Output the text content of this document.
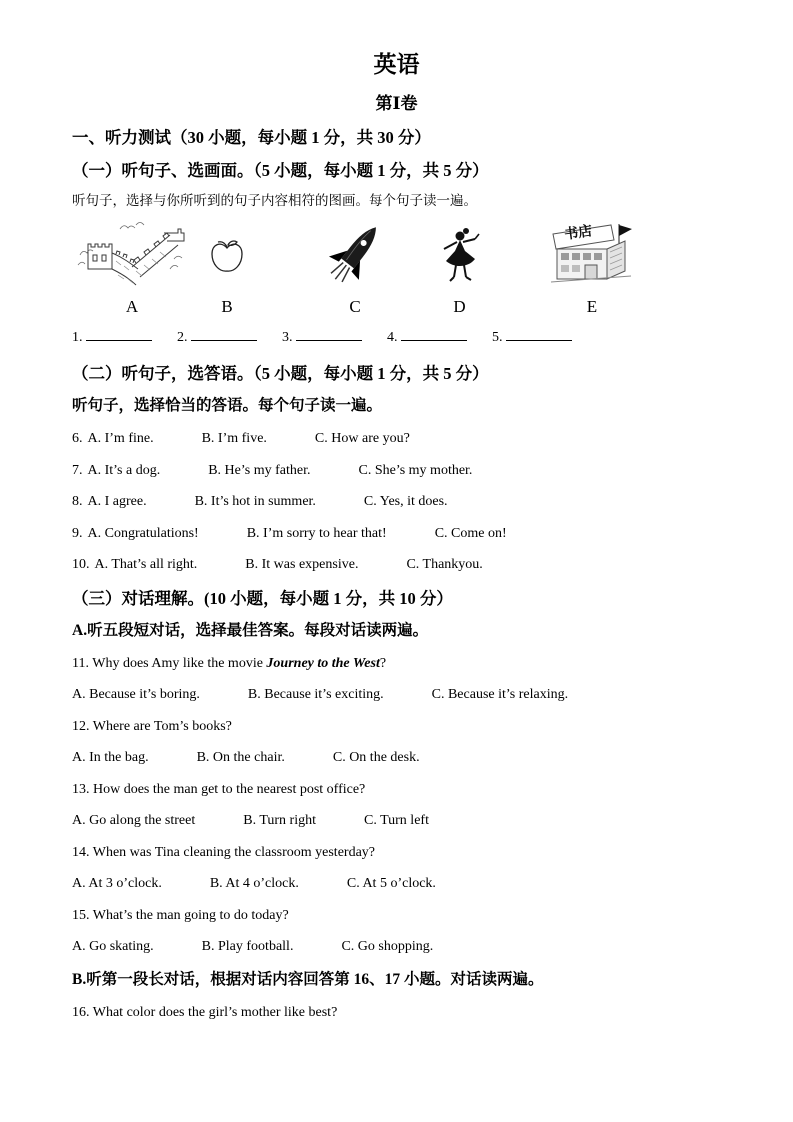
英语
第Ⅰ卷
一、听力测试（30 小题，每小题 1 分，共 30 分）
（一）听句子、选画面。（5 小题，每小题 1 分，共 5 分）
听句子，选择与你所听到的句子内容相符的图画。每个句子读一遍。
A	B	C	D
书店
E
1.	2.	3.	4.	5.
（二）听句子，选答语。（5 小题，每小题 1 分，共 5 分）
听句子，选择恰当的答语。每个句子读一遍。

6. A. I’m fine.	B. I’m five.	C. How are you?

7. A. It’s a dog.	B. He’s my father.	C. She’s my mother.

8. A. I agree.	B. It’s hot in summer.	C. Yes, it does.

9. A. Congratulations!	B. I’m sorry to hear that!	C. Come on!

10. A. That’s all right.	B. It was expensive.	C. Thankyou.

（三）对话理解。(10 小题，每小题 1 分，共 10 分）
A.听五段短对话，选择最佳答案。每段对话读两遍。

11. Why does Amy like the movie Journey to the West?

A. Because it’s boring.	B. Because it’s exciting.	C. Because it’s relaxing.

12. Where are Tom’s books?

A. In the bag.	B. On the chair.	C. On the desk.

13. How does the man get to the nearest post office?

A. Go along the street	B. Turn right	C. Turn left

14. When was Tina cleaning the classroom yesterday?

A. At 3 o’clock.	B. At 4 o’clock.	C. At 5 o’clock.

15. What’s the man going to do today?

A. Go skating.	B. Play football.	C. Go shopping.

B.听第一段长对话，根据对话内容回答第 16、17 小题。对话读两遍。

16. What color does the girl’s mother like best?
